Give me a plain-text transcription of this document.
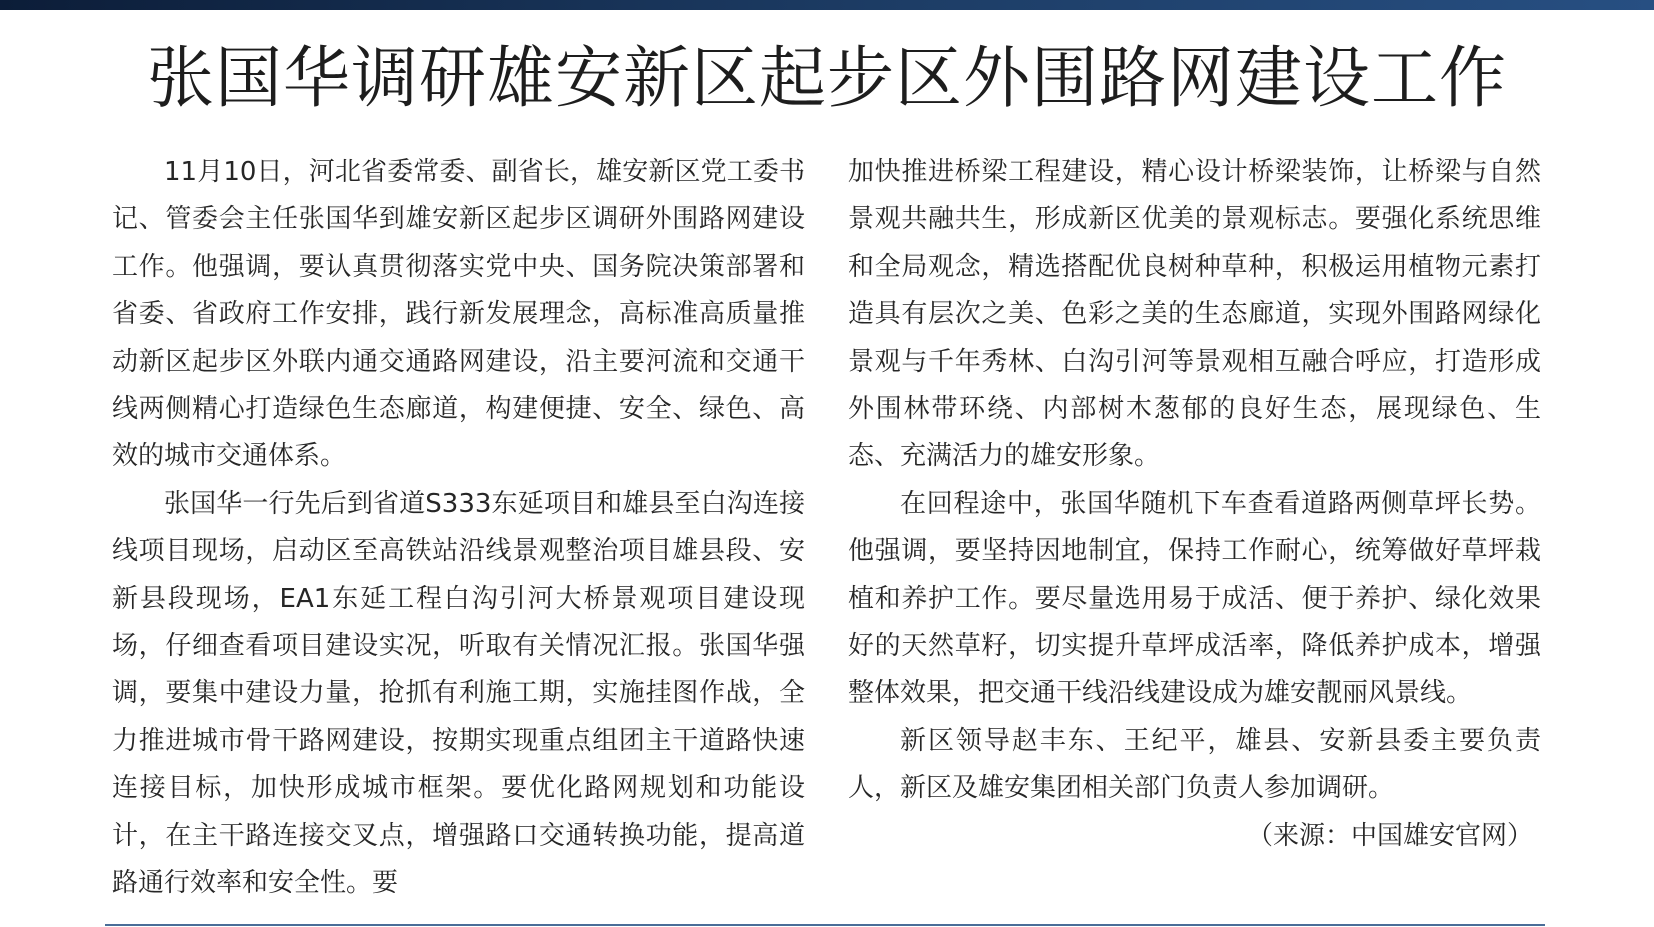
张国华调研雄安新区起步区外围路网建设工作

11月10日，河北省委常委、副省长，雄安新区党工委书记、管委会主任张国华到雄安新区起步区调研外围路网建设工作。他强调，要认真贯彻落实党中央、国务院决策部署和省委、省政府工作安排，践行新发展理念，高标准高质量推动新区起步区外联内通交通路网建设，沿主要河流和交通干线两侧精心打造绿色生态廊道，构建便捷、安全、绿色、高效的城市交通体系。

张国华一行先后到省道S333东延项目和雄县至白沟连接线项目现场，启动区至高铁站沿线景观整治项目雄县段、安新县段现场，EA1东延工程白沟引河大桥景观项目建设现场，仔细查看项目建设实况，听取有关情况汇报。张国华强调，要集中建设力量，抢抓有利施工期，实施挂图作战，全力推进城市骨干路网建设，按期实现重点组团主干道路快速连接目标，加快形成城市框架。要优化路网规划和功能设计，在主干路连接交叉点，增强路口交通转换功能，提高道路通行效率和安全性。要

加快推进桥梁工程建设，精心设计桥梁装饰，让桥梁与自然景观共融共生，形成新区优美的景观标志。要强化系统思维和全局观念，精选搭配优良树种草种，积极运用植物元素打造具有层次之美、色彩之美的生态廊道，实现外围路网绿化景观与千年秀林、白沟引河等景观相互融合呼应，打造形成外围林带环绕、内部树木葱郁的良好生态，展现绿色、生态、充满活力的雄安形象。

在回程途中，张国华随机下车查看道路两侧草坪长势。他强调，要坚持因地制宜，保持工作耐心，统筹做好草坪栽植和养护工作。要尽量选用易于成活、便于养护、绿化效果好的天然草籽，切实提升草坪成活率，降低养护成本，增强整体效果，把交通干线沿线建设成为雄安靓丽风景线。

新区领导赵丰东、王纪平，雄县、安新县委主要负责人，新区及雄安集团相关部门负责人参加调研。

（来源：中国雄安官网）
